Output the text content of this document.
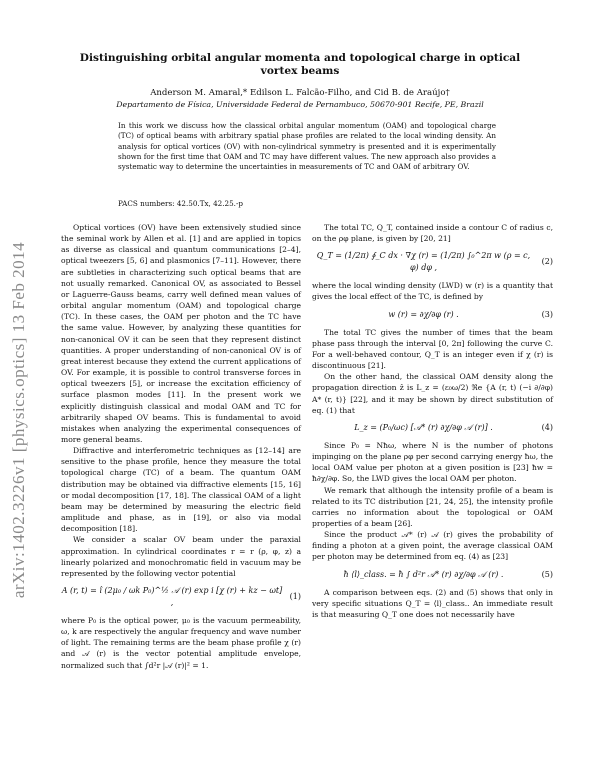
arXiv:1402.3226v1 [physics.optics] 13 Feb 2014
Distinguishing orbital angular momenta and topological charge in optical vortex beams
Anderson M. Amaral,* Edilson L. Falcão-Filho, and Cid B. de Araújo†
Departamento de Física, Universidade Federal de Pernambuco, 50670-901 Recife, PE, Brazil

In this work we discuss how the classical orbital angular momentum (OAM) and topological charge (TC) of optical beams with arbitrary spatial phase profiles are related to the local winding density. An analysis for optical vortices (OV) with non-cylindrical symmetry is presented and it is experimentally shown for the first time that OAM and TC may have different values. The new approach also provides a systematic way to determine the uncertainties in measurements of TC and OAM of arbitrary OV.

PACS numbers: 42.50.Tx, 42.25.-p

Optical vortices (OV) have been extensively studied since the seminal work by Allen et al. [1] and are applied in topics as diverse as classical and quantum communications [2–4], optical tweezers [5, 6] and plasmonics [7–11]. However, there are subtleties in characterizing such optical beams that are not usually remarked. Canonical OV, as associated to Bessel or Laguerre-Gauss beams, carry well defined mean values of orbital angular momentum (OAM) and topological charge (TC). In these cases, the OAM per photon and the TC have the same value. However, by analyzing these quantities for non-canonical OV it can be seen that they represent distinct quantities. A proper understanding of non-canonical OV is of great interest because they extend the current applications of OV. For example, it is possible to control transverse forces in optical tweezers [5], or increase the excitation efficiency of surface plasmon modes [11]. In the present work we explicitly distinguish classical and modal OAM and TC for arbitrarily shaped OV beams. This is fundamental to avoid mistakes when analyzing the experimental consequences of more general beams.

Diffractive and interferometric techniques as [12–14] are sensitive to the phase profile, hence they measure the total topological charge (TC) of a beam. The quantum OAM distribution may be obtained via diffractive elements [15, 16] or modal decomposition [17, 18]. The classical OAM of a light beam may be determined by measuring the electric field amplitude and phase, as in [19], or also via modal decomposition [18].

We consider a scalar OV beam under the paraxial approximation. In cylindrical coordinates r = r (ρ, φ, z) a linearly polarized and monochromatic field in vacuum may be represented by the following vector potential

A (r, t) = î (2μ₀ / ωk P₀)^½ 𝒜 (r) exp i [χ (r) + kz − ωt] ,
(1)

where P₀ is the optical power, μ₀ is the vacuum permeability, ω, k are respectively the angular frequency and wave number of light. The remaining terms are the beam phase profile χ (r) and 𝒜 (r) is the vector potential amplitude envelope, normalized such that ∫d²r |𝒜 (r)|² = 1.

The total TC, Q_T, contained inside a contour C of radius c, on the ρφ plane, is given by [20, 21]

Q_T = (1/2π) ∮_C dx · ∇χ (r) = (1/2π) ∫₀^2π w (ρ = c, φ) dφ ,
(2)

where the local winding density (LWD) w (r) is a quantity that gives the local effect of the TC, is defined by

w (r) = ∂χ/∂φ (r) .	(3)

The total TC gives the number of times that the beam phase pass through the interval [0, 2π] following the curve C. For a well-behaved contour, Q_T is an integer even if χ (r) is discontinuous [21].

On the other hand, the classical OAM density along the propagation direction ẑ is L_z = (ε₀ω/2) ℜe {A (r, t) (−i ∂/∂φ) A* (r, t)} [22], and it may be shown by direct substitution of eq. (1) that

L_z = (P₀/ωc) [𝒜* (r) ∂χ/∂φ 𝒜 (r)] .	(4)

Since P₀ = Nħω, where N is the number of photons impinging on the plane ρφ per second carrying energy ħω, the local OAM value per photon at a given position is [23] ħw = ħ∂χ/∂φ. So, the LWD gives the local OAM per photon.

We remark that although the intensity profile of a beam is related to its TC distribution [21, 24, 25], the intensity profile carries no information about the topological or OAM properties of a beam [26].

Since the product 𝒜* (r) 𝒜 (r) gives the probability of finding a photon at a given point, the average classical OAM per photon may be determined from eq. (4) as [23]

ħ ⟨l⟩_class. = ħ ∫ d²r 𝒜* (r) ∂χ/∂φ 𝒜 (r) .	(5)

A comparison between eqs. (2) and (5) shows that only in very specific situations Q_T = ⟨l⟩_class.. An immediate result is that measuring Q_T one does not necessarily have
